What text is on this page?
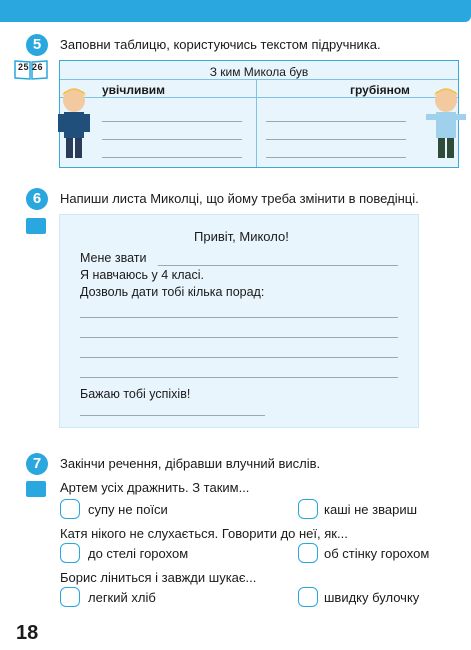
5	Заповни таблицю, користуючись текстом підручника.
25 26	З ким Микола був
увічливим	грубіяном
6	Напиши листа Миколці, що йому треба змінити в поведінці.
Привіт, Миколо!
Мене звати
Я навчаюсь у 4 класі.
Дозволь дати тобі кілька порад:
Бажаю тобі успіхів!
7	Закінчи речення, дібравши влучний вислів.
Артем усіх дражнить. З таким...
супу не поїси	каші не звариш
Катя нікого не слухається. Говорити до неї, як...
до стелі горохом	об стінку горохом
Борис ліниться і завжди шукає...
легкий хліб	швидку булочку
18
